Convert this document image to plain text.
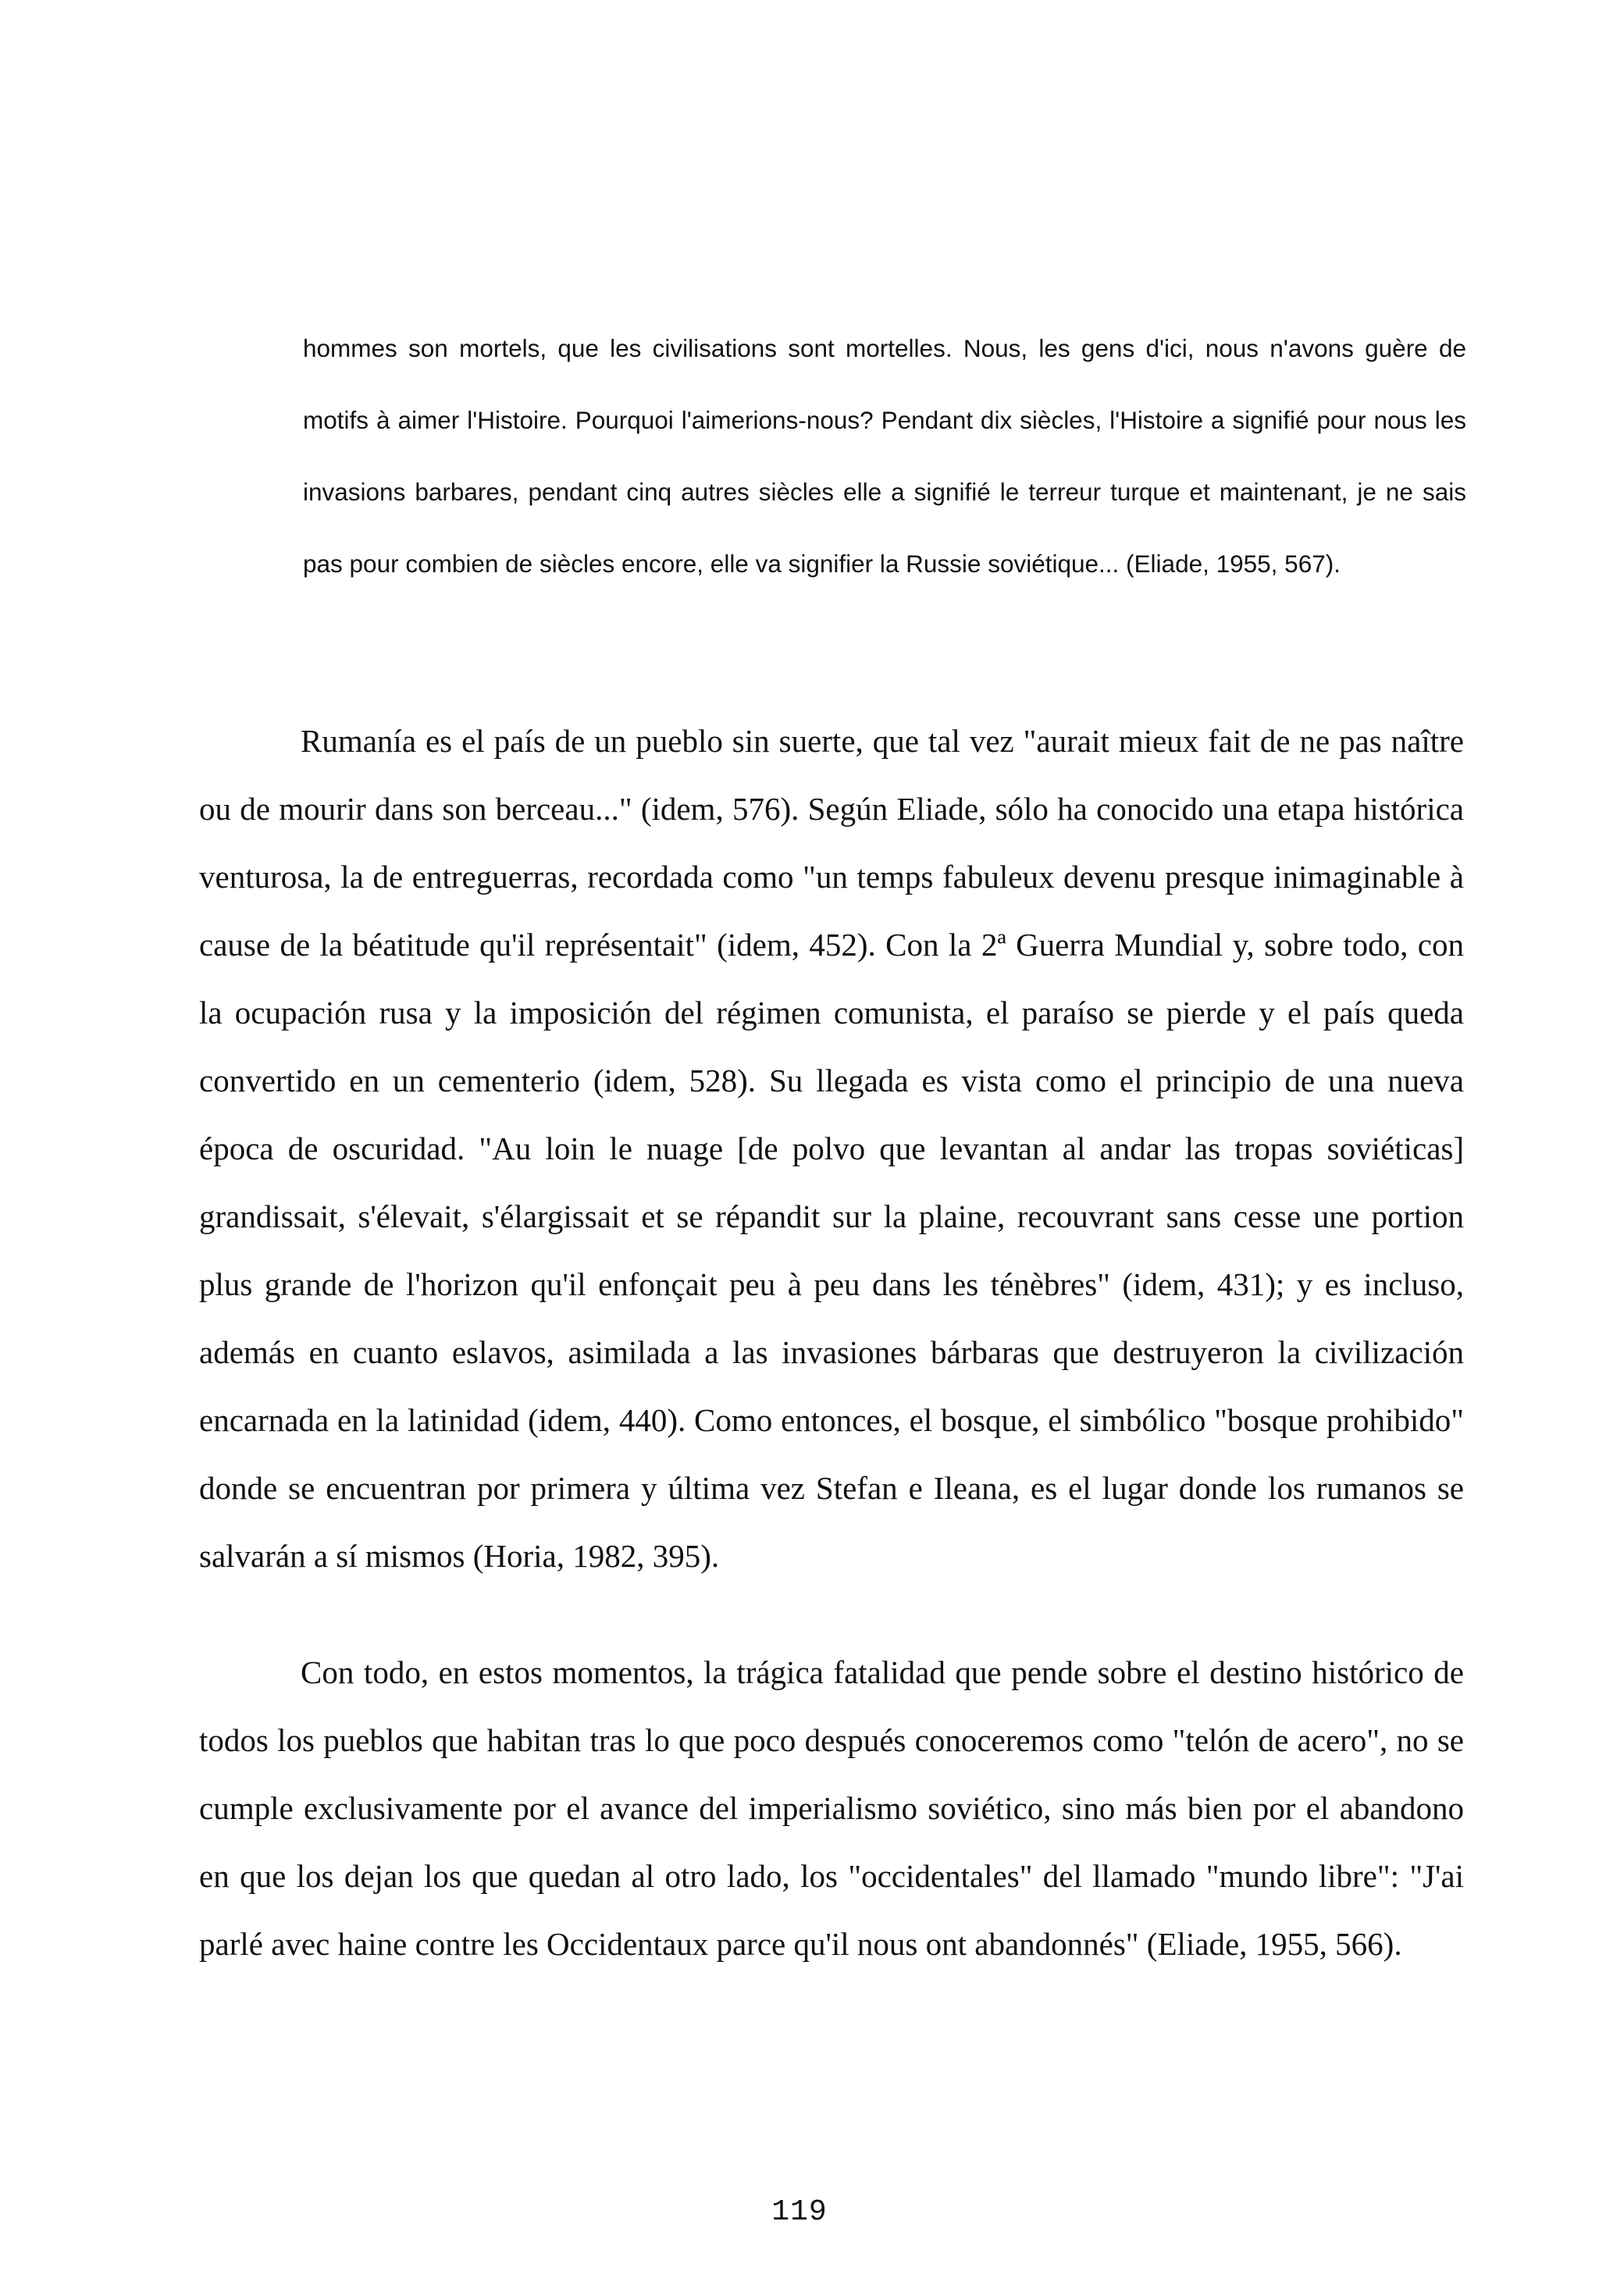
hommes son mortels, que les civilisations sont mortelles. Nous, les gens d'ici, nous n'avons guère de motifs à aimer l'Histoire. Pourquoi l'aimerions-nous? Pendant dix siècles, l'Histoire a signifié pour nous les invasions barbares, pendant cinq autres siècles elle a signifié le terreur turque et maintenant, je ne sais pas pour combien de siècles encore, elle va signifier la Russie soviétique... (Eliade, 1955, 567).

Rumanía es el país de un pueblo sin suerte, que tal vez "aurait mieux fait de ne pas naître ou de mourir dans son berceau..." (idem, 576). Según Eliade, sólo ha conocido una etapa histórica venturosa, la de entreguerras, recordada como "un temps fabuleux devenu presque inimaginable à cause de la béatitude qu'il représentait" (idem, 452). Con la 2ª Guerra Mundial y, sobre todo, con la ocupación rusa y la imposición del régimen comunista, el paraíso se pierde y el país queda convertido en un cementerio (idem, 528). Su llegada es vista como el principio de una nueva época de oscuridad. "Au loin le nuage [de polvo que levantan al andar las tropas soviéticas] grandissait, s'élevait, s'élargissait et se répandit sur la plaine, recouvrant sans cesse une portion plus grande de l'horizon qu'il enfonçait peu à peu dans les ténèbres" (idem, 431); y es incluso, además en cuanto eslavos, asimilada a las invasiones bárbaras que destruyeron la civilización encarnada en la latinidad (idem, 440). Como entonces, el bosque, el simbólico "bosque prohibido" donde se encuentran por primera y última vez Stefan e Ileana, es el lugar donde los rumanos se salvarán a sí mismos (Horia, 1982, 395).

Con todo, en estos momentos, la trágica fatalidad que pende sobre el destino histórico de todos los pueblos que habitan tras lo que poco después conoceremos como "telón de acero", no se cumple exclusivamente por el avance del imperialismo soviético, sino más bien por el abandono en que los dejan los que quedan al otro lado, los "occidentales" del llamado "mundo libre": "J'ai parlé avec haine contre les Occidentaux parce qu'il nous ont abandonnés" (Eliade, 1955, 566).

119
